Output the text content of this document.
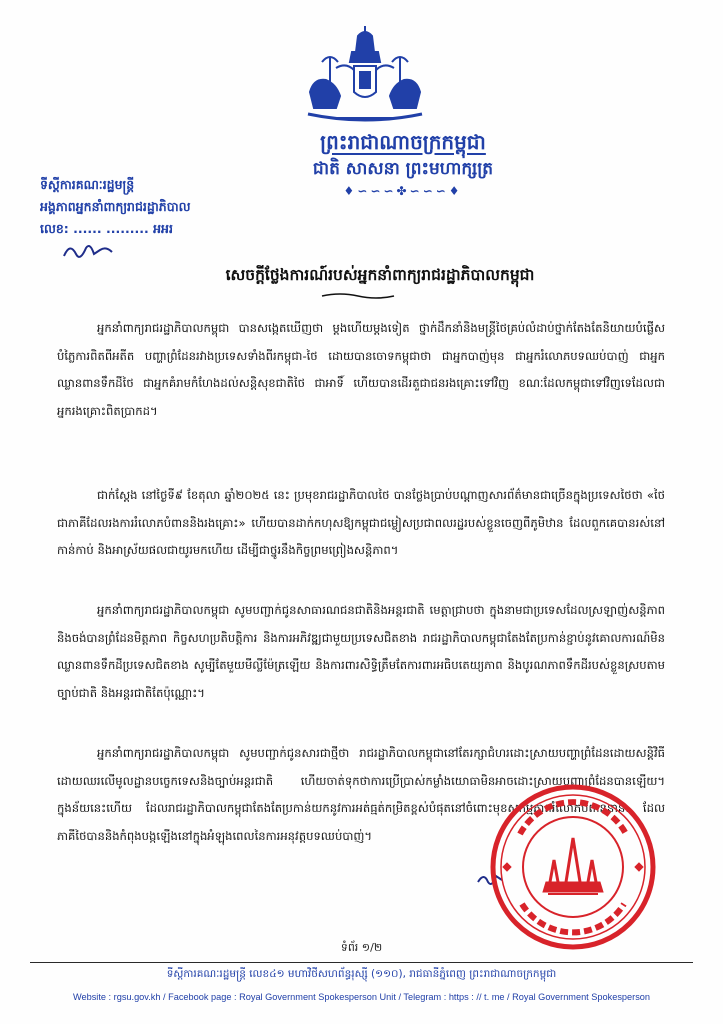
ព្រះរាជាណាចក្រកម្ពុជា
ជាតិ សាសនា ព្រះមហាក្សត្រ
♦∽∽∽✤∽∽∽♦
ទីស្តីការគណៈរដ្ឋមន្ត្រី
អង្គភាពអ្នកនាំពាក្យរាជរដ្ឋាភិបាល
លេខ: ...... ......... អអរ
សេចក្តីថ្លែងការណ៍របស់អ្នកនាំពាក្យរាជរដ្ឋាភិបាលកម្ពុជា
អ្នកនាំពាក្យរាជរដ្ឋាភិបាលកម្ពុជា បានសង្កេតឃើញថា ម្តងហើយម្តងទៀត ថ្នាក់ដឹកនាំនិងមន្ត្រីថៃគ្រប់លំដាប់ថ្នាក់តែងតែនិយាយបំផ្លើសបំភ្លៃការពិតពីអតីត បញ្ហាព្រំដែនរវាងប្រទេសទាំងពីរកម្ពុជា-ថៃ ដោយបានចោទកម្ពុជាថា ជាអ្នកបាញ់មុន ជាអ្នករំលោភបទឈប់បាញ់ ជាអ្នកឈ្លានពានទឹកដីថៃ ជាអ្នកគំរាមកំហែងដល់សន្តិសុខជាតិថៃ ជាអាទិ៍ ហើយបានដើរតួជាជនរងគ្រោះទៅវិញ ខណៈដែលកម្ពុជាទៅវិញទេដែលជាអ្នករងគ្រោះពិតប្រាកដ។
ជាក់ស្តែង នៅថ្ងៃទី៩ ខែតុលា ឆ្នាំ២០២៥ នេះ ប្រមុខរាជរដ្ឋាភិបាលថៃ បានថ្លែងប្រាប់បណ្តាញសារព័ត៌មានជាច្រើនក្នុងប្រទេសថៃថា «ថៃជាភាគីដែលរងការរំលោភបំពាននិងរងគ្រោះ» ហើយបានដាក់កហុសឱ្យកម្ពុជាជម្លៀសប្រជាពលរដ្ឋរបស់ខ្លួនចេញពីភូមិឋាន ដែលពួកគេបានរស់នៅកាន់កាប់ និងអាស្រ័យផលជាយូរមកហើយ ដើម្បីជាថ្នូរនឹងកិច្ចព្រមព្រៀងសន្តិភាព។
អ្នកនាំពាក្យរាជរដ្ឋាភិបាលកម្ពុជា សូមបញ្ជាក់ជូនសាធារណជនជាតិនិងអន្តរជាតិ មេត្តាជ្រាបថា ក្នុងនាមជាប្រទេសដែលស្រឡាញ់សន្តិភាព និងចង់បានព្រំដែនមិត្តភាព កិច្ចសហប្រតិបត្តិការ និងការអភិវឌ្ឍជាមួយប្រទេសជិតខាង រាជរដ្ឋាភិបាលកម្ពុជាតែងតែប្រកាន់ខ្ជាប់នូវគោលការណ៍មិនឈ្លានពានទឹកដីប្រទេសជិតខាង សូម្បីតែមួយមីល្លីម៉ែត្រឡើយ និងការពារសិទ្ធិត្រឹមតែការពារអធិបតេយ្យភាព និងបូរណភាពទឹកដីរបស់ខ្លួនស្របតាមច្បាប់ជាតិ និងអន្តរជាតិតែប៉ុណ្ណោះ។
អ្នកនាំពាក្យរាជរដ្ឋាភិបាលកម្ពុជា សូមបញ្ជាក់ជូនសារជាថ្មីថា រាជរដ្ឋាភិបាលកម្ពុជានៅតែរក្សាជំហរដោះស្រាយបញ្ហាព្រំដែនដោយសន្តិវិធី ដោយឈរលើមូលដ្ឋានបច្ចេកទេសនិងច្បាប់អន្តរជាតិ ហើយចាត់ទុកថាការប្រើប្រាស់កម្លាំងយោធាមិនអាចដោះស្រាយបញ្ហាព្រំដែនបានឡើយ។ ក្នុងន័យនេះហើយ ដែលរាជរដ្ឋាភិបាលកម្ពុជាតែងតែប្រកាន់យកនូវការអត់ធ្មត់កម្រិតខ្ពស់បំផុតនៅចំពោះមុខសកម្មភាពរំលោភបំពាននានា ដែលភាគីថៃបាននិងកំពុងបង្កឡើងនៅក្នុងអំឡុងពេលនៃការអនុវត្តបទឈប់បាញ់។
ទំព័រ ១/២
ទីស្តីការគណៈរដ្ឋមន្ត្រី លេខ៤១ មហាវិថីសហព័ន្ធរុស្ស៊ី (១១០), រាជធានីភ្នំពេញ ព្រះរាជាណាចក្រកម្ពុជា
Website : rgsu.gov.kh / Facebook page : Royal Government Spokesperson Unit / Telegram : https : // t. me / Royal Government Spokesperson
